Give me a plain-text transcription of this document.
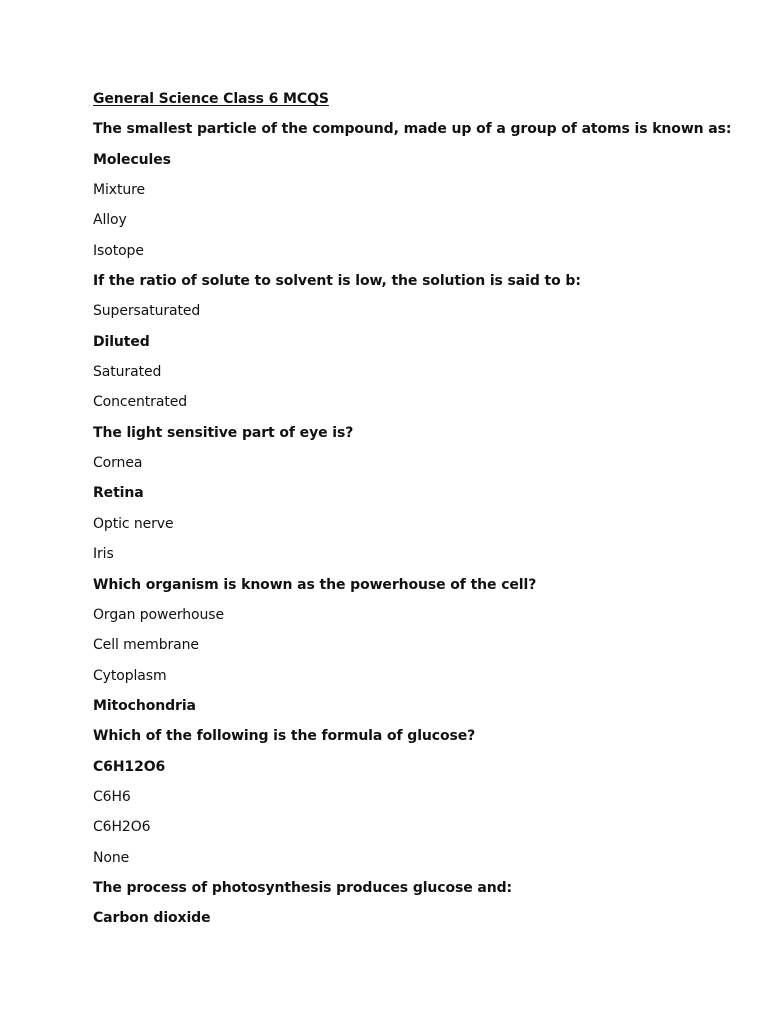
General Science Class 6 MCQS
The smallest particle of the compound, made up of a group of atoms is known as:
Molecules
Mixture
Alloy
Isotope
If the ratio of solute to solvent is low, the solution is said to b:
Supersaturated
Diluted
Saturated
Concentrated
The light sensitive part of eye is?
Cornea
Retina
Optic nerve
Iris
Which organism is known as the powerhouse of the cell?
Organ powerhouse
Cell membrane
Cytoplasm
Mitochondria
Which of the following is the formula of glucose?
C6H12O6
C6H6
C6H2O6
None
The process of photosynthesis produces glucose and:
Carbon dioxide
